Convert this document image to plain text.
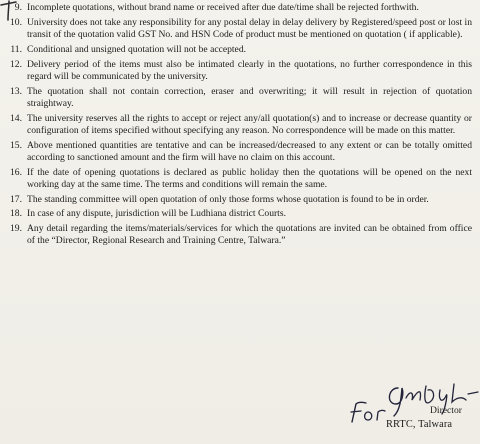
9. Incomplete quotations, without brand name or received after due date/time shall be rejected forthwith.
10. University does not take any responsibility for any postal delay in delay delivery by Registered/speed post or lost in transit of the quotation valid GST No. and HSN Code of product must be mentioned on quotation ( if applicable).
11. Conditional and unsigned quotation will not be accepted.
12. Delivery period of the items must also be intimated clearly in the quotations, no further correspondence in this regard will be communicated by the university.
13. The quotation shall not contain correction, eraser and overwriting; it will result in rejection of quotation straightway.
14. The university reserves all the rights to accept or reject any/all quotation(s) and to increase or decrease quantity or configuration of items specified without specifying any reason. No correspondence will be made on this matter.
15. Above mentioned quantities are tentative and can be increased/decreased to any extent or can be totally omitted according to sanctioned amount and the firm will have no claim on this account.
16. If the date of opening quotations is declared as public holiday then the quotations will be opened on the next working day at the same time. The terms and conditions will remain the same.
17. The standing committee will open quotation of only those forms whose quotation is found to be in order.
18. In case of any dispute, jurisdiction will be Ludhiana district Courts.
19. Any detail regarding the items/materials/services for which the quotations are invited can be obtained from office of the “Director, Regional Research and Training Centre, Talwara.”
Director
RRTC, Talwara
